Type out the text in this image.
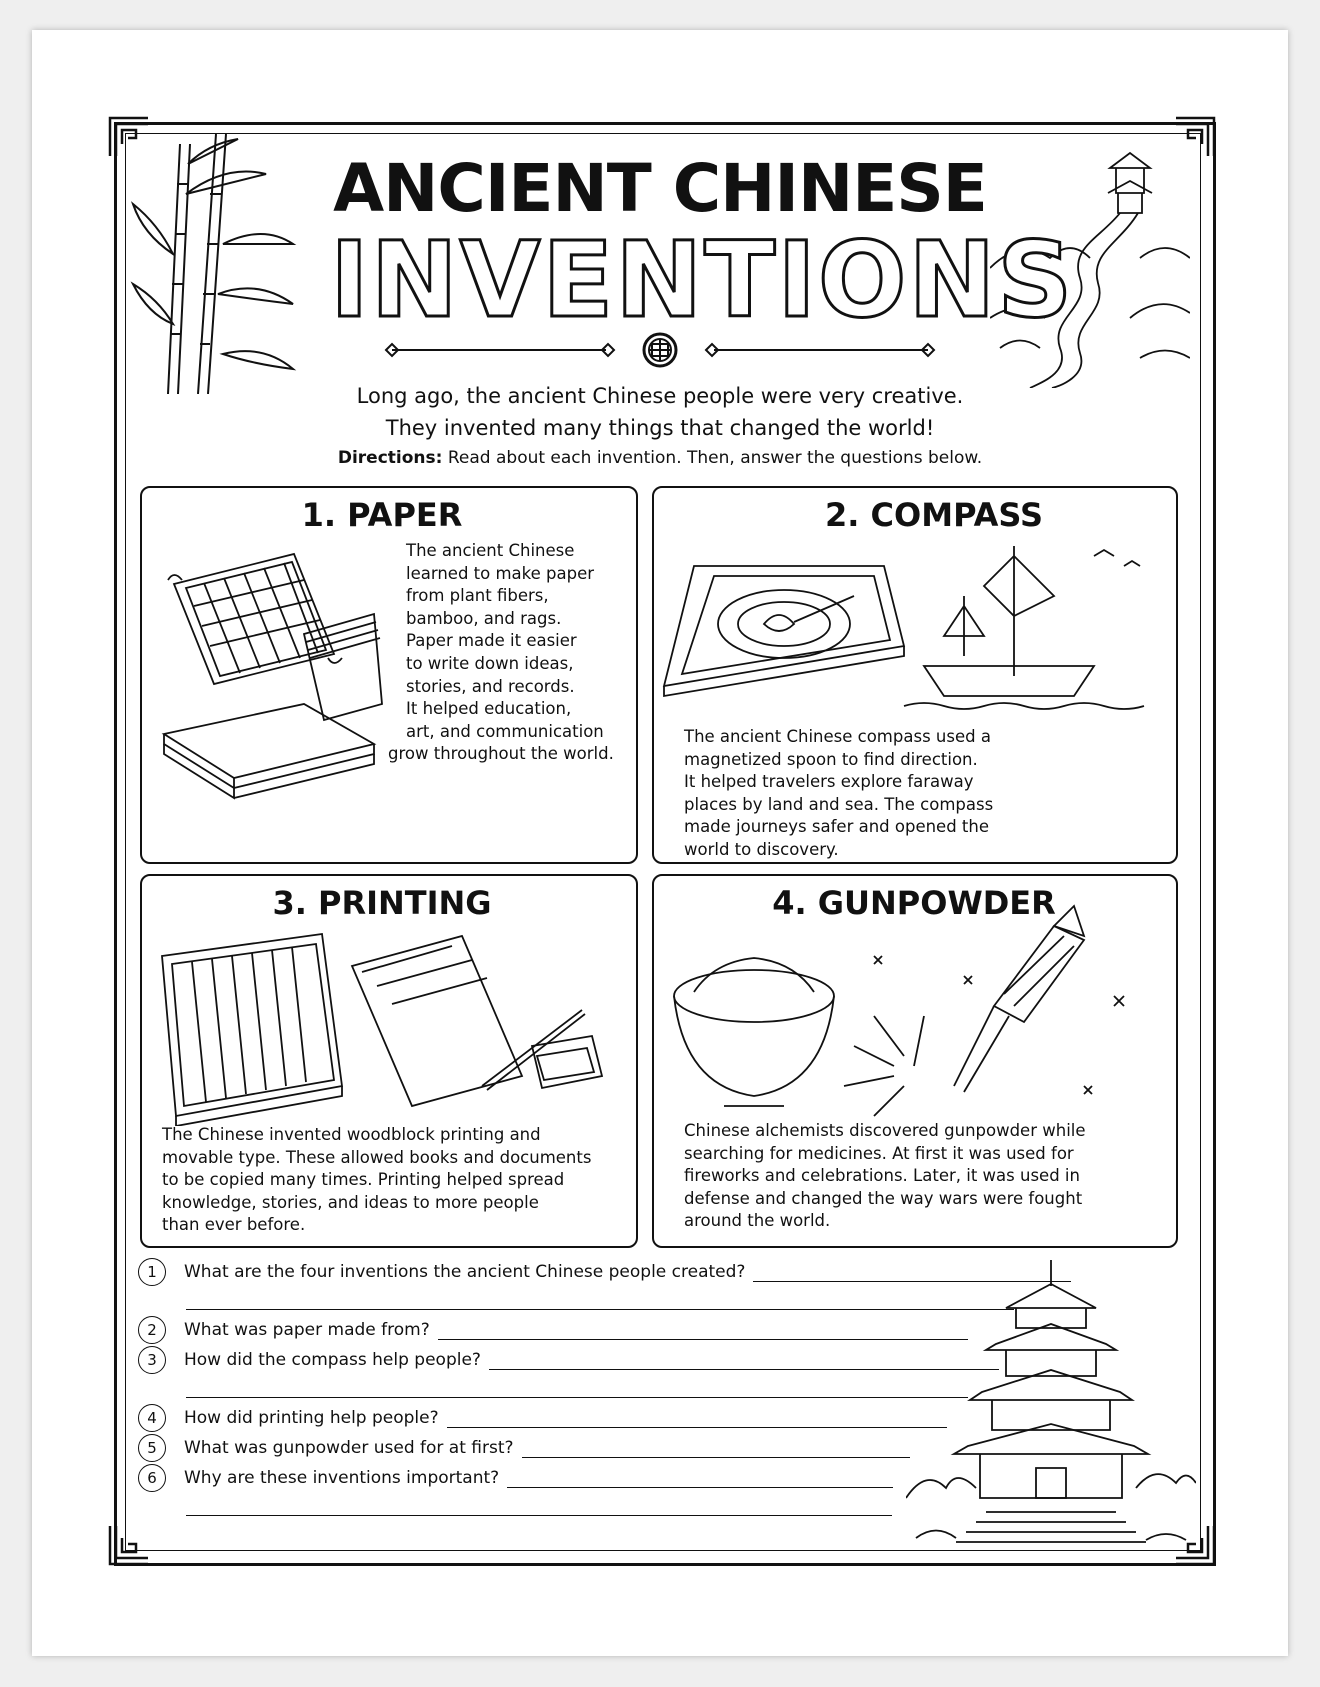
ANCIENT CHINESE
INVENTIONS
Long ago, the ancient Chinese people were very creative.
They invented many things that changed the world!
Directions: Read about each invention. Then, answer the questions below.
1. PAPER
The ancient Chinese
learned to make paper
from plant fibers,
bamboo, and rags.
Paper made it easier
to write down ideas,
stories, and records.
It helped education,
art, and communication
grow throughout the world.
2. COMPASS
The ancient Chinese compass used a
magnetized spoon to find direction.
It helped travelers explore faraway
places by land and sea. The compass
made journeys safer and opened the
world to discovery.
3. PRINTING
The Chinese invented woodblock printing and
movable type. These allowed books and documents
to be copied many times. Printing helped spread
knowledge, stories, and ideas to more people
than ever before.
4. GUNPOWDER
Chinese alchemists discovered gunpowder while
searching for medicines. At first it was used for
fireworks and celebrations. Later, it was used in
defense and changed the way wars were fought
around the world.
1	What are the four inventions the ancient Chinese people created?
2	What was paper made from?
3	How did the compass help people?
4	How did printing help people?
5	What was gunpowder used for at first?
6	Why are these inventions important?
